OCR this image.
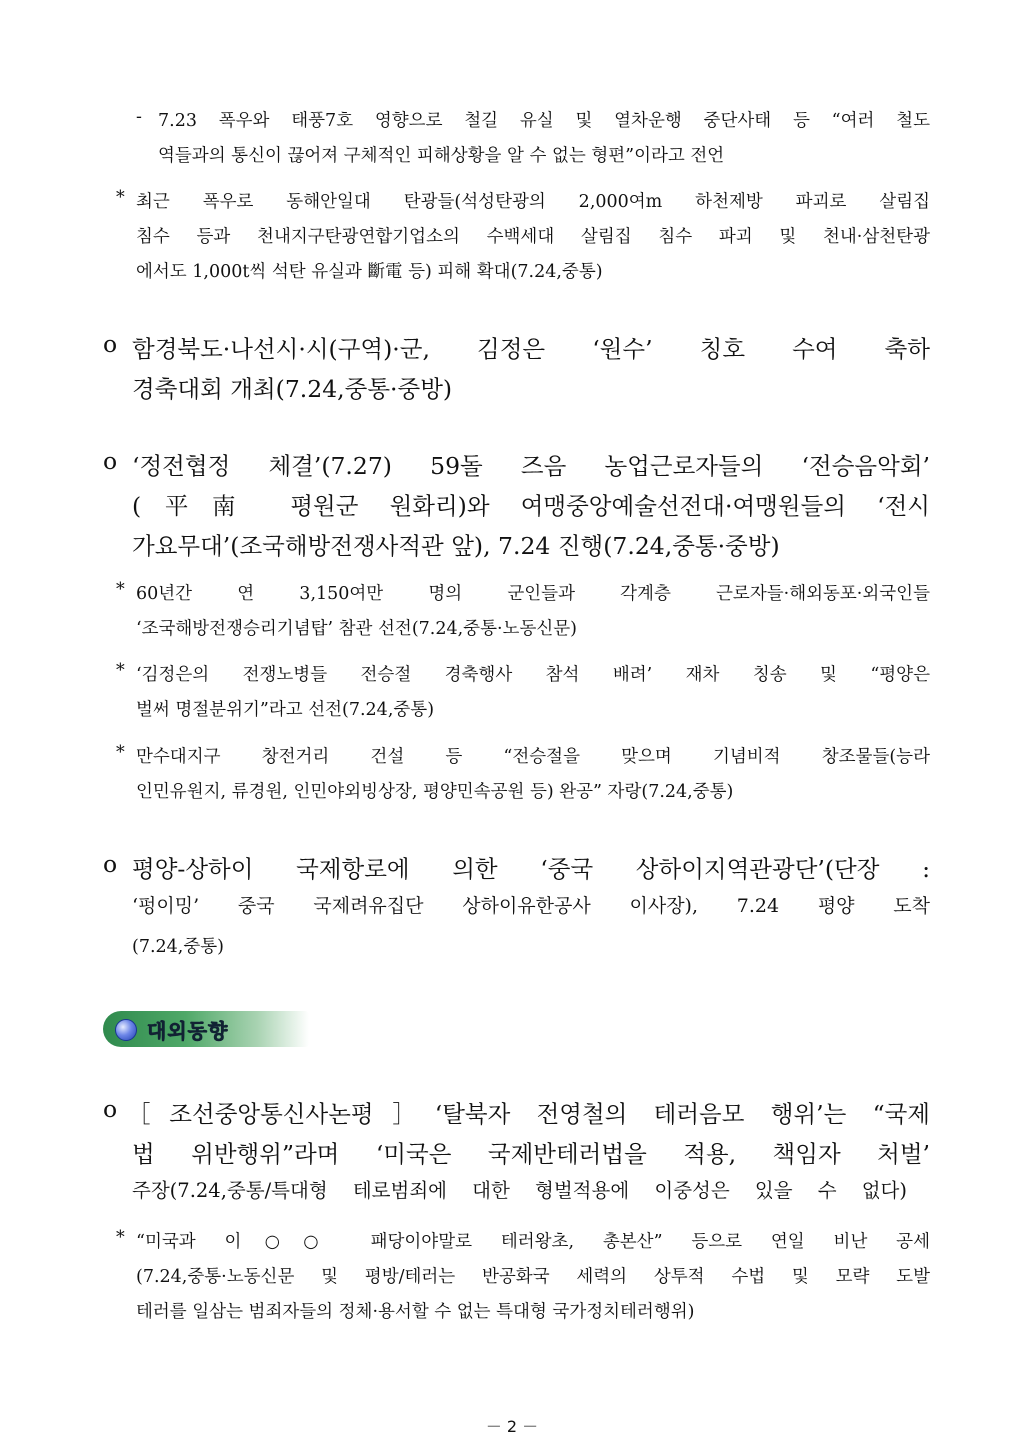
- 7.23 폭우와 태풍7호 영향으로 철길 유실 및 열차운행 중단사태 등 “여러 철도
역들과의 통신이 끊어져 구체적인 피해상황을 알 수 없는 형편”이라고 전언
* 최근 폭우로 동해안일대 탄광들(석성탄광의 2,000여m 하천제방 파괴로 살림집
침수 등과 천내지구탄광연합기업소의 수백세대 살림집 침수 파괴 및 천내·삼천탄광
에서도 1,000t씩 석탄 유실과 斷電 등) 피해 확대(7.24,중통)
o 함경북도·나선시·시(구역)·군, 김정은 ‘원수’ 칭호 수여 축하
경축대회 개최(7.24,중통·중방)
o ‘정전협정 체결’(7.27) 59돌 즈음 농업근로자들의 ‘전승음악회’
(平南 평원군 원화리)와 여맹중앙예술선전대·여맹원들의 ‘전시
가요무대’(조국해방전쟁사적관 앞), 7.24 진행(7.24,중통·중방)
* 60년간 연 3,150여만 명의 군인들과 각계층 근로자들·해외동포·외국인들
‘조국해방전쟁승리기념탑’ 참관 선전(7.24,중통·노동신문)
* ‘김정은의 전쟁노병들 전승절 경축행사 참석 배려’ 재차 칭송 및 “평양은
벌써 명절분위기”라고 선전(7.24,중통)
* 만수대지구 창전거리 건설 등 “전승절을 맞으며 기념비적 창조물들(능라
인민유원지, 류경원, 인민야외빙상장, 평양민속공원 등) 완공” 자랑(7.24,중통)
o 평양-상하이 국제항로에 의한 ‘중국 상하이지역관광단’(단장 :
‘펑이밍’ 중국 국제려유집단 상하이유한공사 이사장), 7.24 평양 도착
(7.24,중통)
대외동향
o ［조선중앙통신사논평］‘탈북자 전영철의 테러음모 행위’는 “국제
법 위반행위”라며 ‘미국은 국제반테러법을 적용, 책임자 처벌’
주장(7.24,중통/특대형 테로범죄에 대한 형벌적용에 이중성은 있을 수 없다)
* “미국과 이○○ 패당이야말로 테러왕초, 총본산” 등으로 연일 비난 공세
(7.24,중통·노동신문 및 평방/테러는 반공화국 세력의 상투적 수법 및 모략 도발
테러를 일삼는 범죄자들의 정체·용서할 수 없는 특대형 국가정치테러행위)
－ 2 －
